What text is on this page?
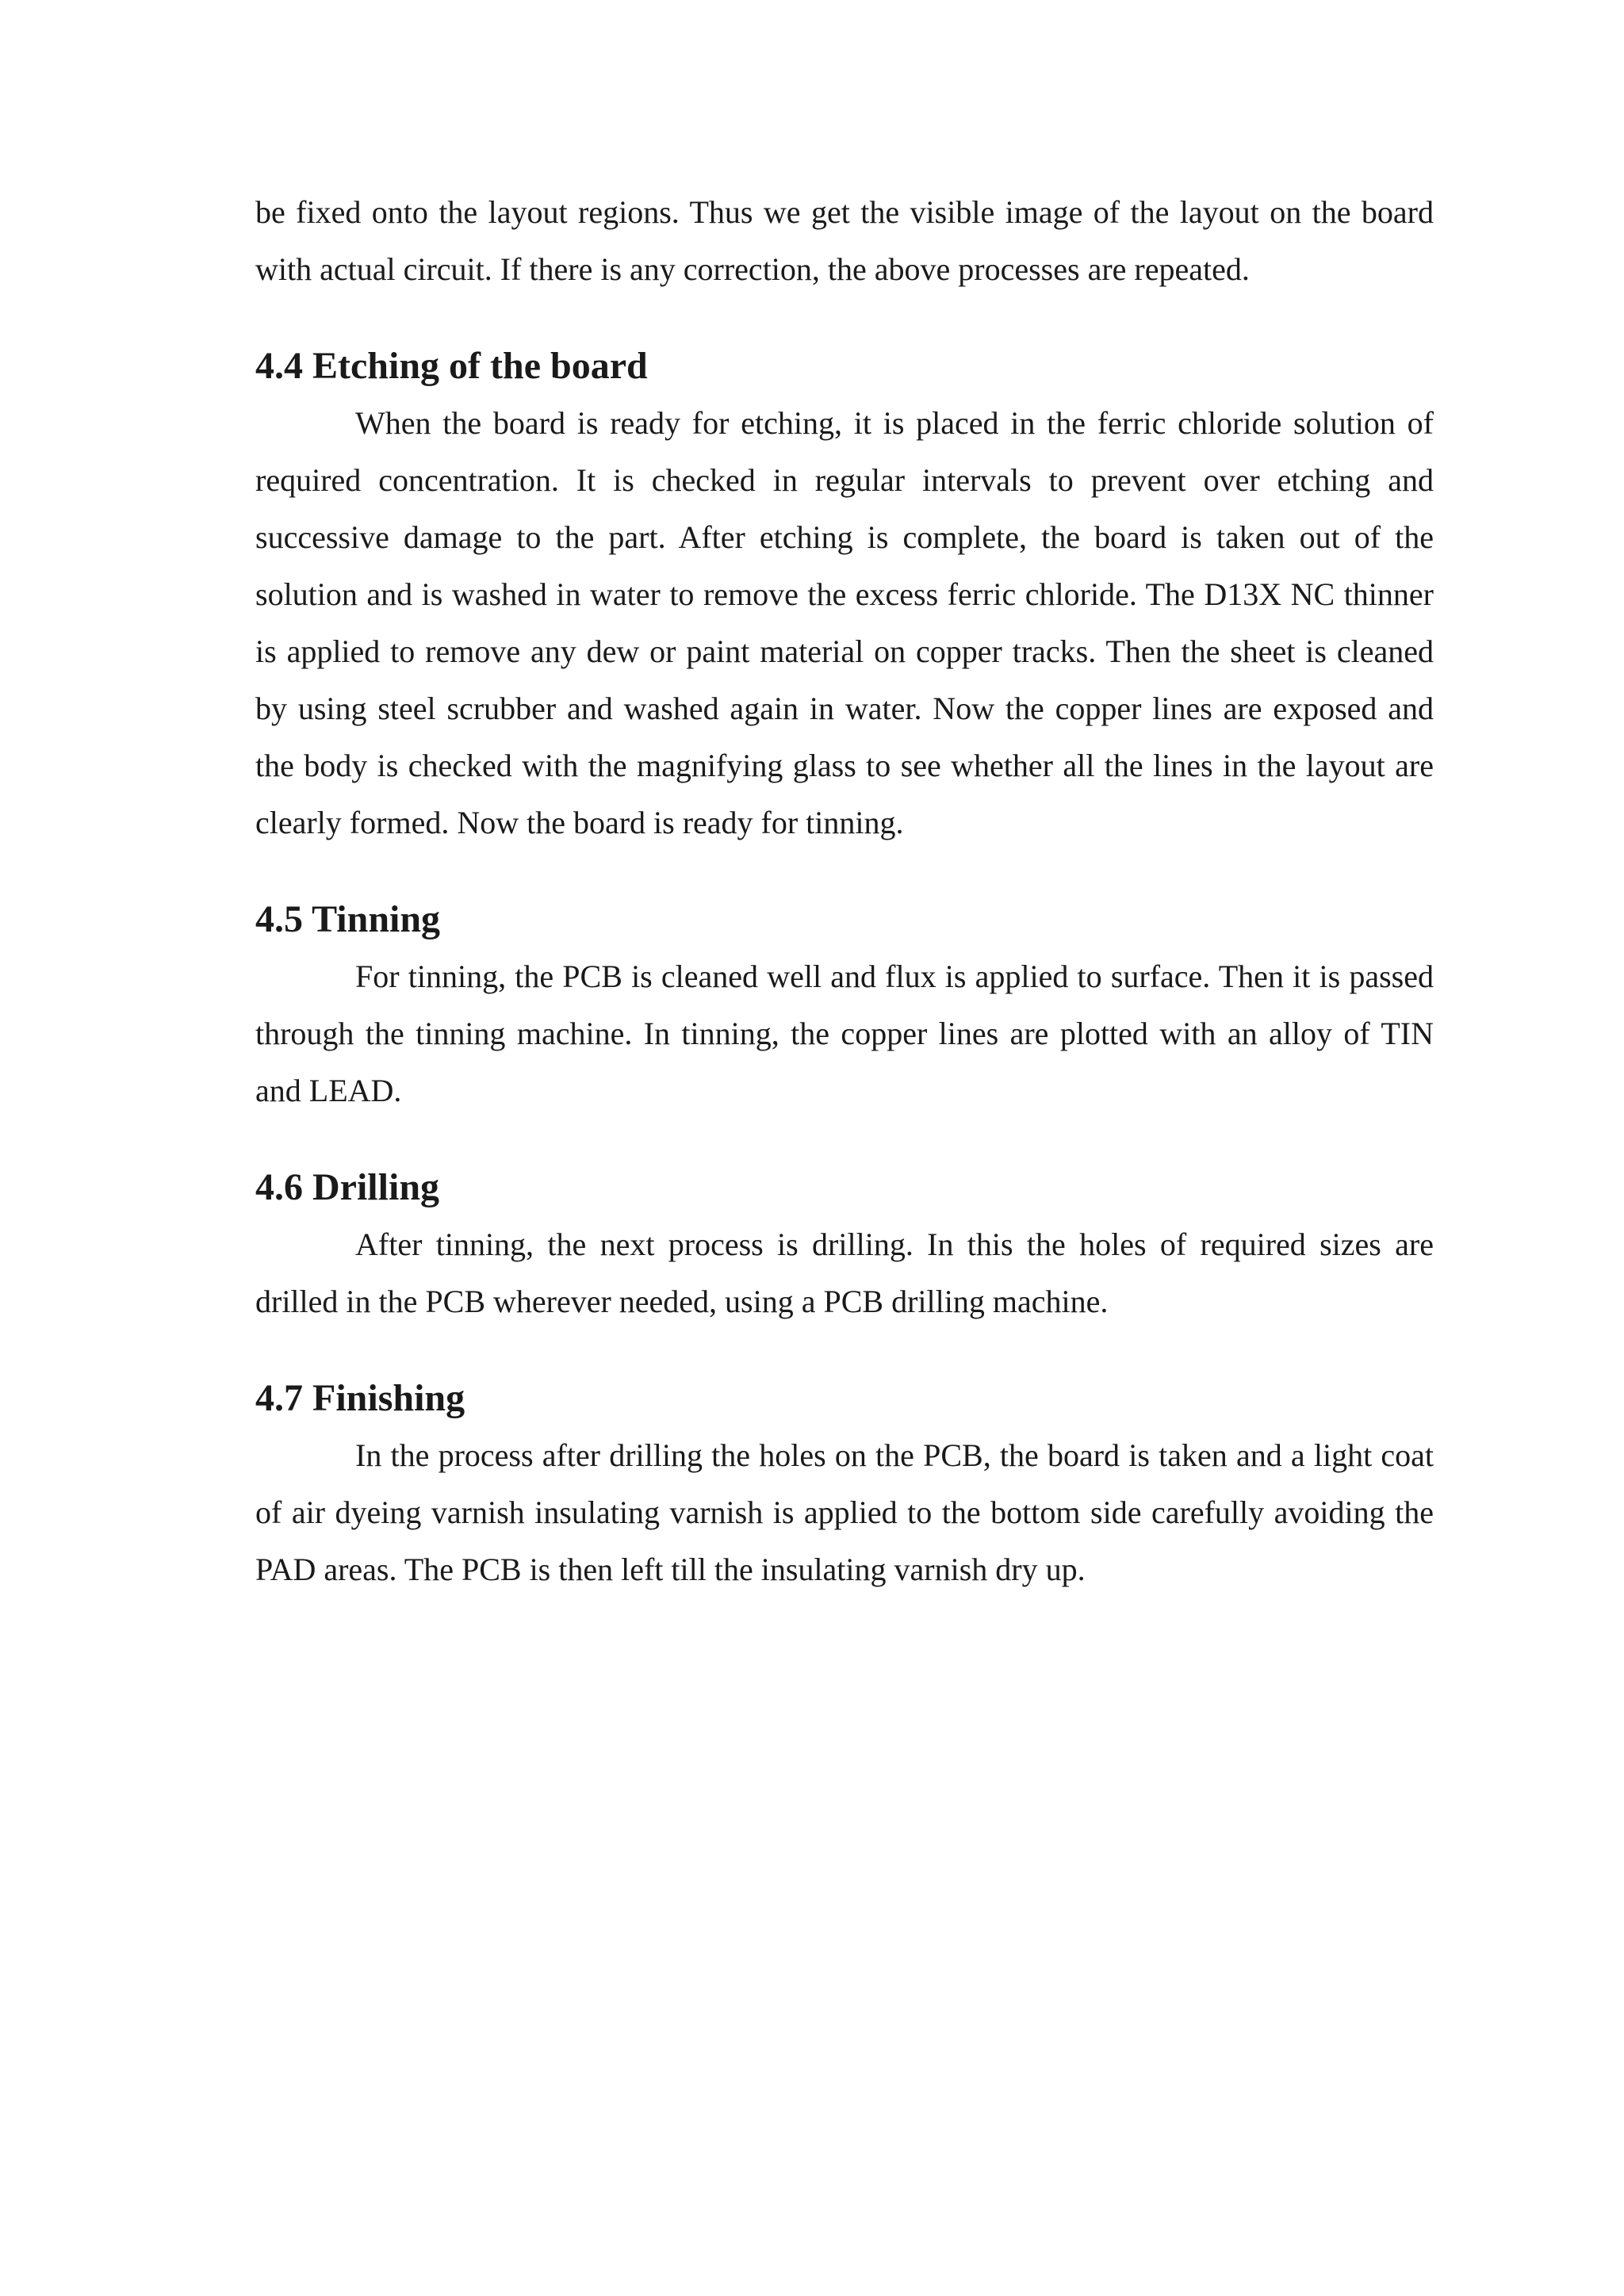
be fixed onto the layout regions. Thus we get the visible image of the layout on the board with actual circuit. If there is any correction, the above processes are repeated.

4.4 Etching of the board

When the board is ready for etching, it is placed in the ferric chloride solution of required concentration. It is checked in regular intervals to prevent over etching and successive damage to the part. After etching is complete, the board is taken out of the solution and is washed in water to remove the excess ferric chloride. The D13X NC thinner is applied to remove any dew or paint material on copper tracks. Then the sheet is cleaned by using steel scrubber and washed again in water. Now the copper lines are exposed and the body is checked with the magnifying glass to see whether all the lines in the layout are clearly formed. Now the board is ready for tinning.

4.5 Tinning

For tinning, the PCB is cleaned well and flux is applied to surface. Then it is passed through the tinning machine. In tinning, the copper lines are plotted with an alloy of TIN and LEAD.

4.6 Drilling

After tinning, the next process is drilling. In this the holes of required sizes are drilled in the PCB wherever needed, using a PCB drilling machine.

4.7 Finishing

In the process after drilling the holes on the PCB, the board is taken and a light coat of air dyeing varnish insulating varnish is applied to the bottom side carefully avoiding the PAD areas. The PCB is then left till the insulating varnish dry up.
